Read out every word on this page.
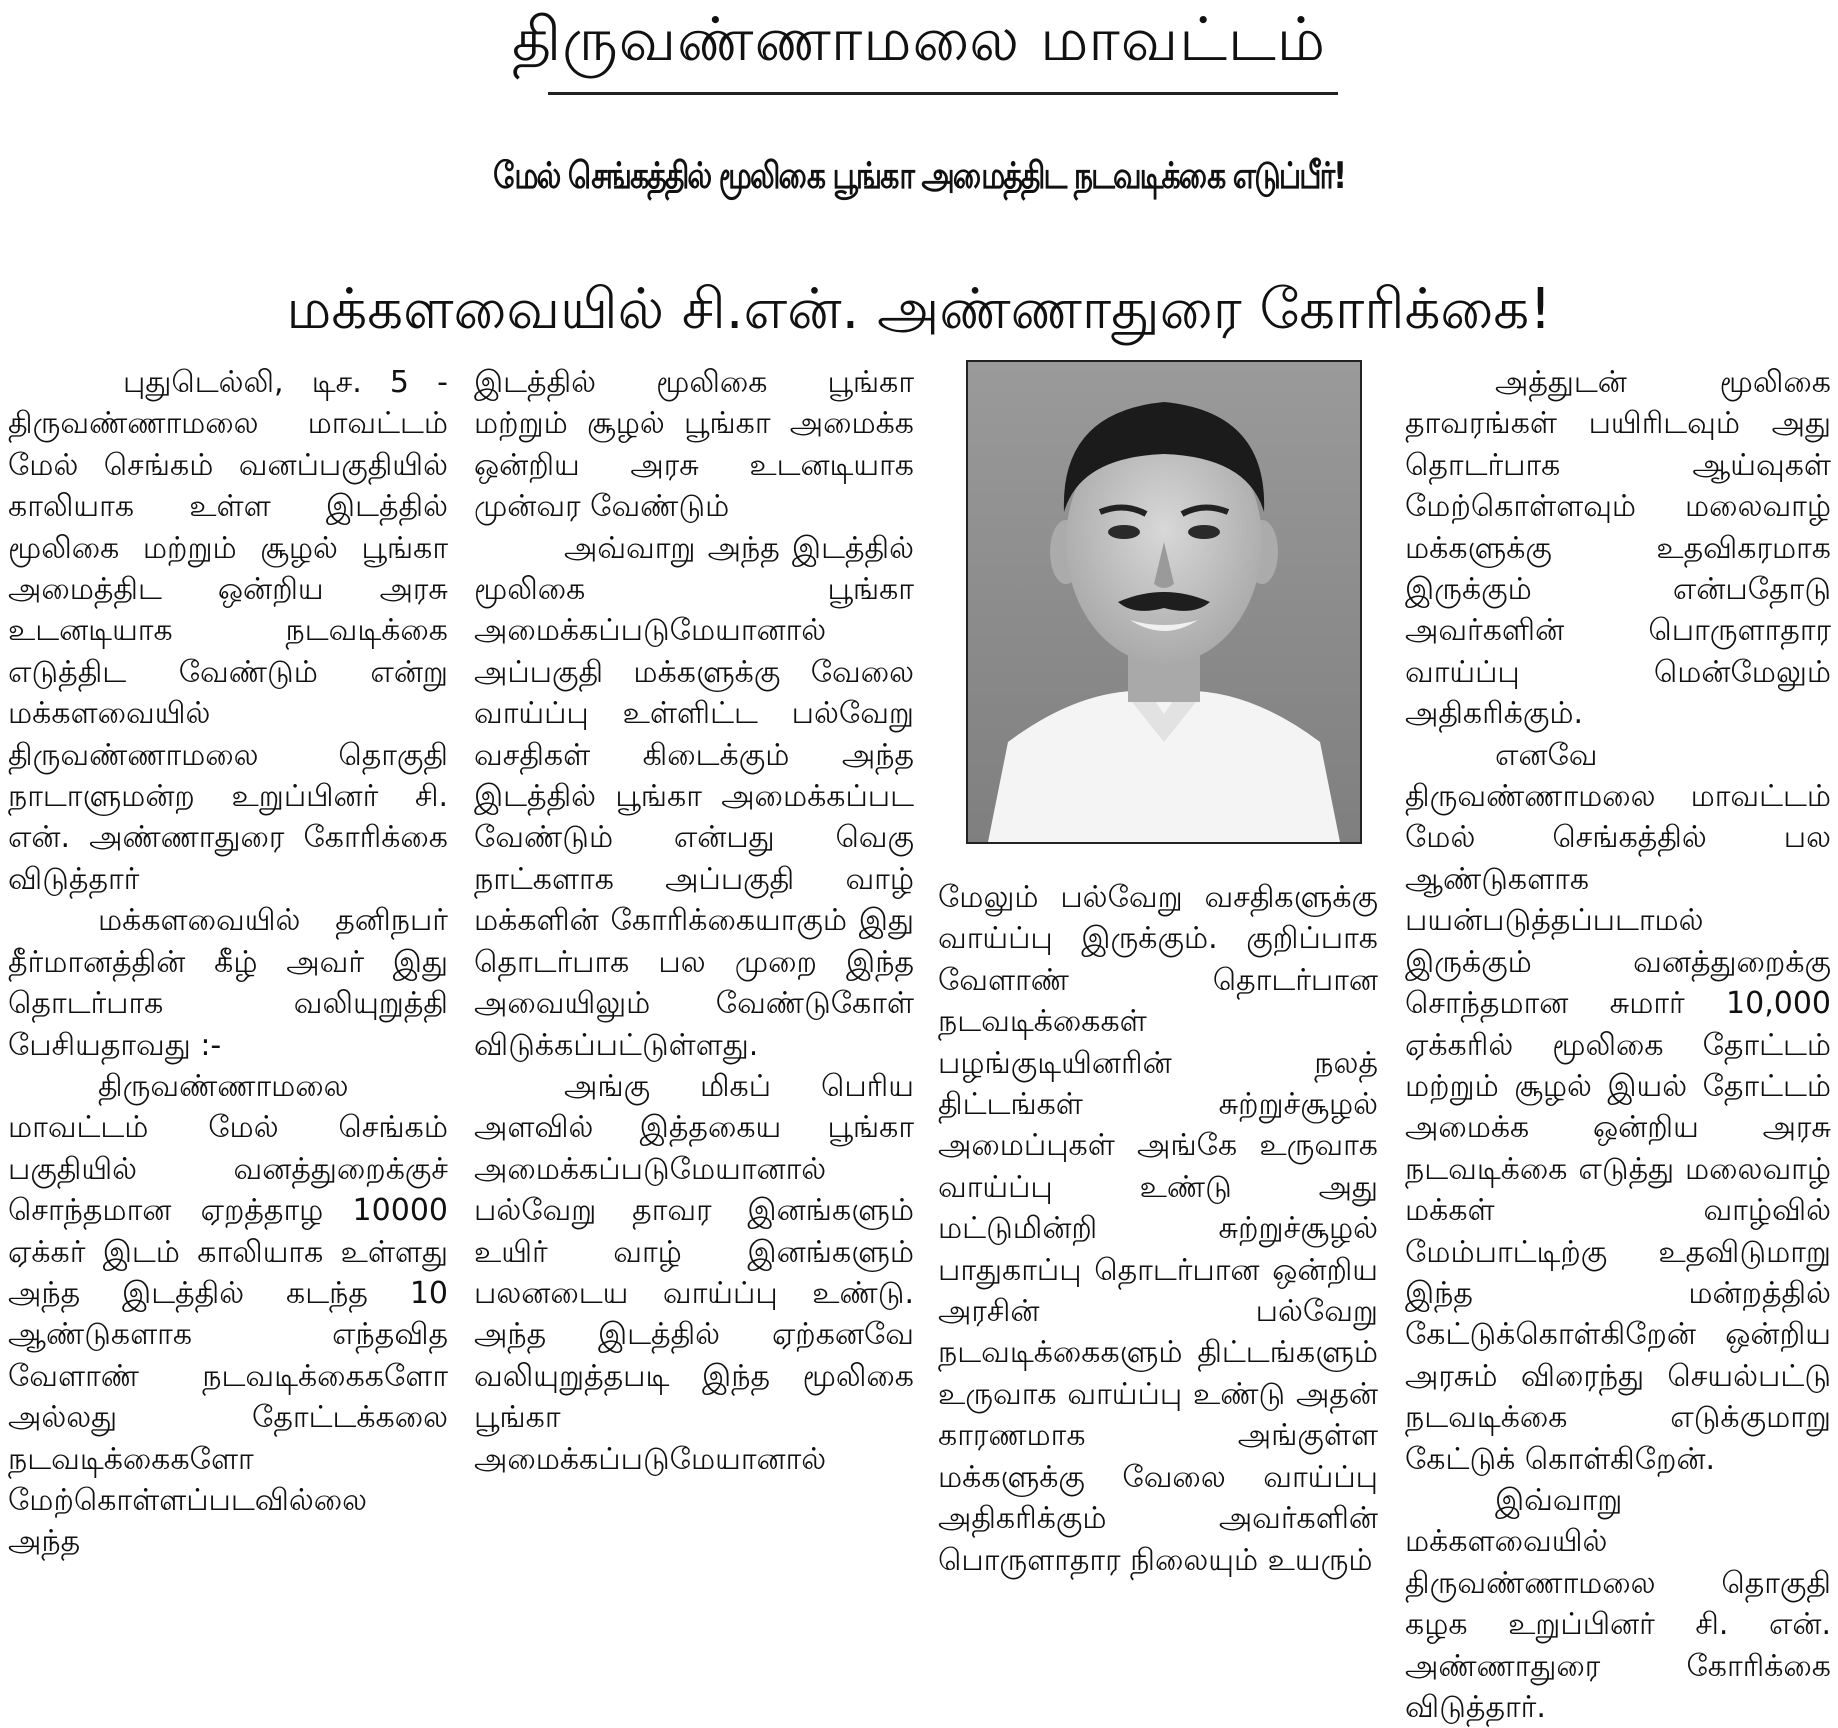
திருவண்ணாமலை மாவட்டம்
மேல் செங்கத்தில் மூலிகை பூங்கா அமைத்திட நடவடிக்கை எடுப்பீர்!
மக்களவையில் சி.என். அண்ணாதுரை கோரிக்கை!

புதுடெல்லி, டிச. 5 - திருவண்ணாமலை மாவட்டம் மேல் செங்கம் வனப்பகுதியில் காலியாக உள்ள இடத்தில் மூலிகை மற்றும் சூழல் பூங்கா அமைத்திட ஒன்றிய அரசு உடனடியாக நடவடிக்கை எடுத்திட வேண்டும் என்று மக்களவையில் திருவண்ணாமலை தொகுதி நாடாளுமன்ற உறுப்பினர் சி. என். அண்ணாதுரை கோரிக்கை விடுத்தார்

மக்களவையில் தனிநபர் தீர்மானத்தின் கீழ் அவர் இது தொடர்பாக வலியுறுத்தி பேசியதாவது :-

திருவண்ணாமலை மாவட்டம் மேல் செங்கம் பகுதியில் வனத்துறைக்குச் சொந்தமான ஏறத்தாழ 10000 ஏக்கர் இடம் காலியாக உள்ளது அந்த இடத்தில் கடந்த 10 ஆண்டுகளாக எந்தவித வேளாண் நடவடிக்கைகளோ அல்லது தோட்டக்கலை நடவடிக்கைகளோ மேற்கொள்ளப்படவில்லை அந்த

இடத்தில் மூலிகை பூங்கா மற்றும் சூழல் பூங்கா அமைக்க ஒன்றிய அரசு உடனடியாக முன்வர வேண்டும்

அவ்வாறு அந்த இடத்தில் மூலிகை பூங்கா அமைக்கப்படுமேயானால் அப்பகுதி மக்களுக்கு வேலை வாய்ப்பு உள்ளிட்ட பல்வேறு வசதிகள் கிடைக்கும் அந்த இடத்தில் பூங்கா அமைக்கப்பட வேண்டும் என்பது வெகு நாட்களாக அப்பகுதி வாழ் மக்களின் கோரிக்கையாகும் இது தொடர்பாக பல முறை இந்த அவையிலும் வேண்டுகோள் விடுக்கப்பட்டுள்ளது.

அங்கு மிகப் பெரிய அளவில் இத்தகைய பூங்கா அமைக்கப்படுமேயானால் பல்வேறு தாவர இனங்களும் உயிர் வாழ் இனங்களும் பலனடைய வாய்ப்பு உண்டு. அந்த இடத்தில் ஏற்கனவே வலியுறுத்தபடி இந்த மூலிகை பூங்கா அமைக்கப்படுமேயானால்

மேலும் பல்வேறு வசதிகளுக்கு வாய்ப்பு இருக்கும். குறிப்பாக வேளாண் தொடர்பான நடவடிக்கைகள் பழங்குடியினரின் நலத் திட்டங்கள் சுற்றுச்சூழல் அமைப்புகள் அங்கே உருவாக வாய்ப்பு உண்டு அது மட்டுமின்றி சுற்றுச்சூழல் பாதுகாப்பு தொடர்பான ஒன்றிய அரசின் பல்வேறு நடவடிக்கைகளும் திட்டங்களும் உருவாக வாய்ப்பு உண்டு அதன் காரணமாக அங்குள்ள மக்களுக்கு வேலை வாய்ப்பு அதிகரிக்கும் அவர்களின் பொருளாதார நிலையும் உயரும்

அத்துடன் மூலிகை தாவரங்கள் பயிரிடவும் அது தொடர்பாக ஆய்வுகள் மேற்கொள்ளவும் மலைவாழ் மக்களுக்கு உதவிகரமாக இருக்கும் என்பதோடு அவர்களின் பொருளாதார வாய்ப்பு மென்மேலும் அதிகரிக்கும்.

எனவே திருவண்ணாமலை மாவட்டம் மேல் செங்கத்தில் பல ஆண்டுகளாக பயன்படுத்தப்படாமல் இருக்கும் வனத்துறைக்கு சொந்தமான சுமார் 10,000 ஏக்கரில் மூலிகை தோட்டம் மற்றும் சூழல் இயல் தோட்டம் அமைக்க ஒன்றிய அரசு நடவடிக்கை எடுத்து மலைவாழ் மக்கள் வாழ்வில் மேம்பாட்டிற்கு உதவிடுமாறு இந்த மன்றத்தில் கேட்டுக்கொள்கிறேன் ஒன்றிய அரசும் விரைந்து செயல்பட்டு நடவடிக்கை எடுக்குமாறு கேட்டுக் கொள்கிறேன்.

இவ்வாறு மக்களவையில் திருவண்ணாமலை தொகுதி கழக உறுப்பினர் சி. என். அண்ணாதுரை கோரிக்கை விடுத்தார்.
